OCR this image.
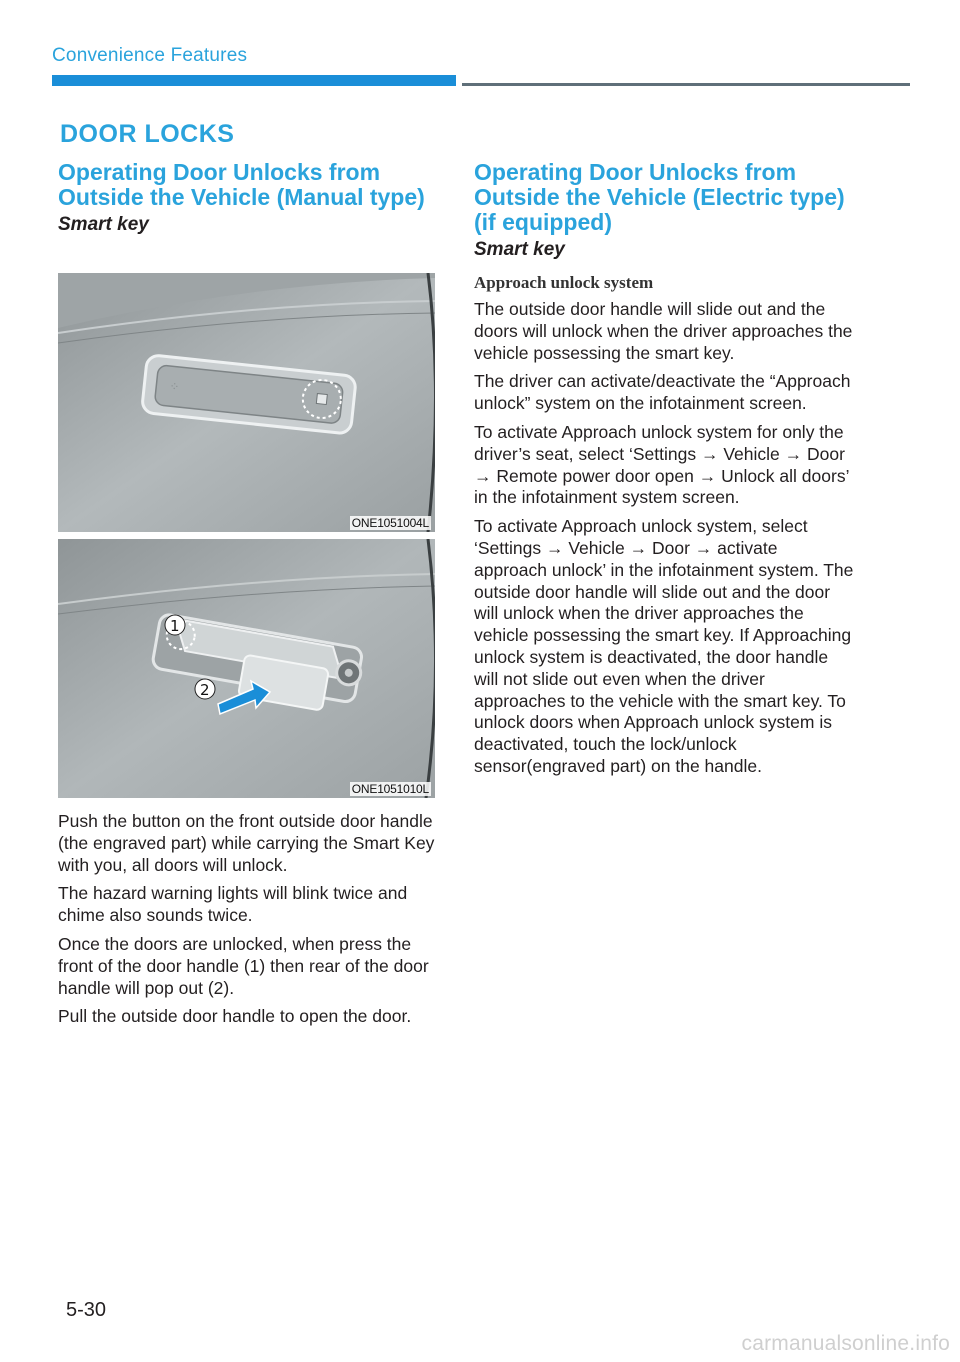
Convenience Features
DOOR LOCKS
Operating Door Unlocks from Outside the Vehicle (Manual type)
Smart key
⁘
ONE1051004L
1
2
ONE1051010L

Push the button on the front outside door handle (the engraved part) while carrying the Smart Key with you, all doors will unlock.

The hazard warning lights will blink twice and chime also sounds twice.

Once the doors are unlocked, when press the front of the door handle (1) then rear of the door handle will pop out (2).

Pull the outside door handle to open the door.

Operating Door Unlocks from Outside the Vehicle (Electric type) (if equipped)
Smart key
Approach unlock system

The outside door handle will slide out and the doors will unlock when the driver approaches the vehicle possessing the smart key.

The driver can activate/deactivate the “Approach unlock” system on the infotainment screen.

To activate Approach unlock system for only the driver’s seat, select ‘Settings → Vehicle → Door → Remote power door open → Unlock all doors’ in the infotainment system screen.

To activate Approach unlock system, select ‘Settings → Vehicle → Door → activate approach unlock’ in the infotainment system. The outside door handle will slide out and the door will unlock when the driver approaches the vehicle possessing the smart key. If Approaching unlock system is deactivated, the door handle will not slide out even when the driver approaches to the vehicle with the smart key. To unlock doors when Approach unlock system is deactivated, touch the lock/unlock sensor(engraved part) on the handle.

5-30
carmanualsonline.info
